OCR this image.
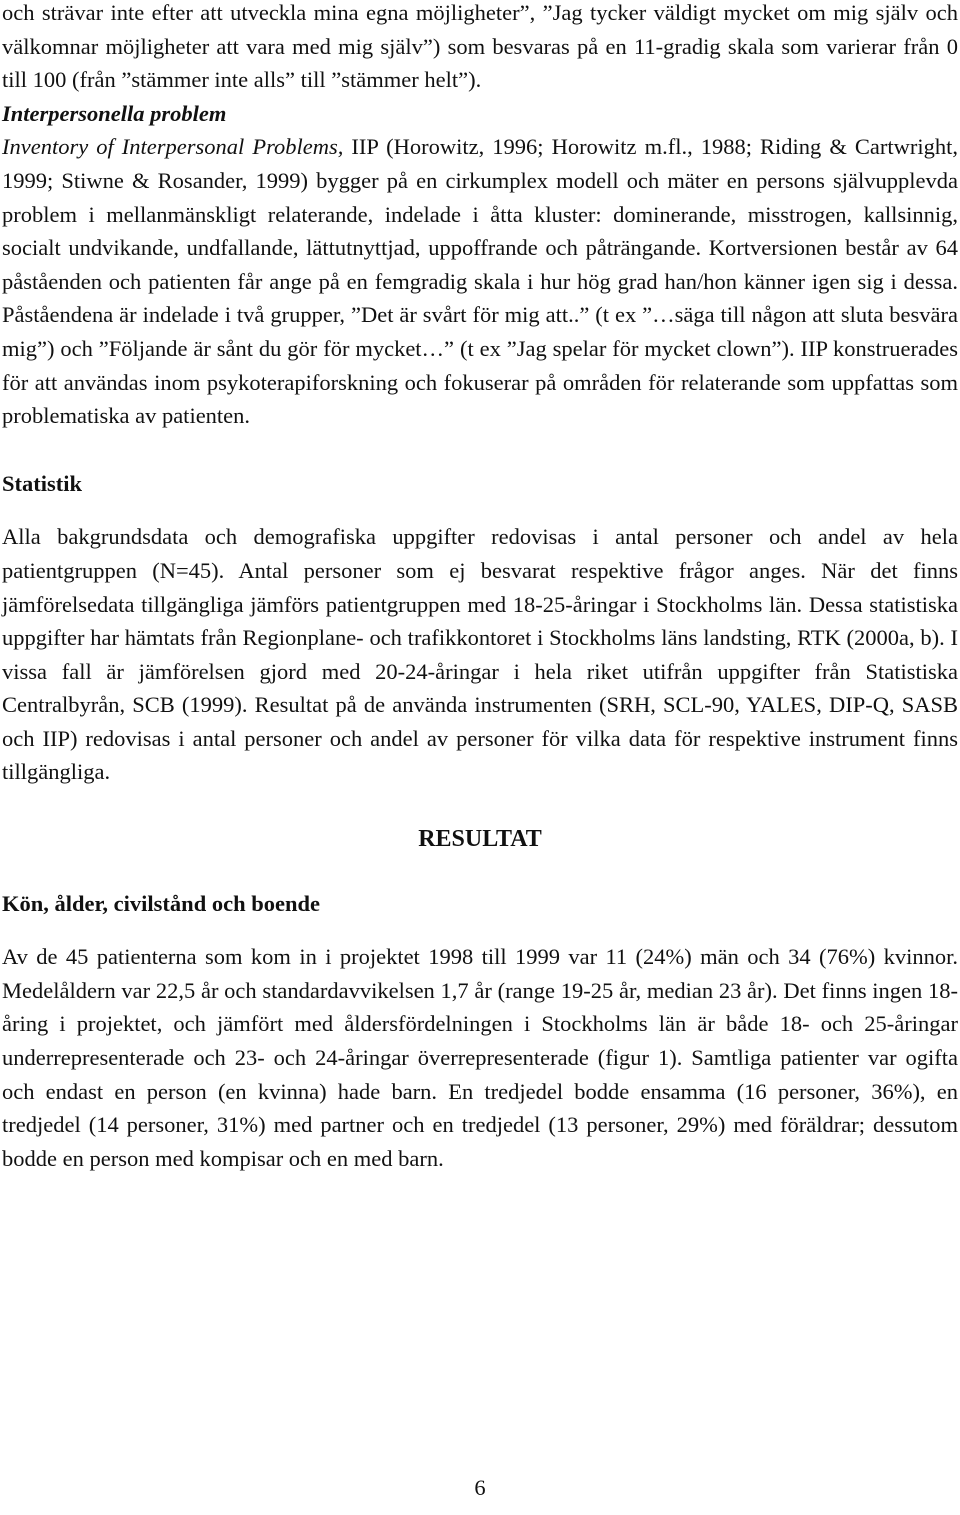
och strävar inte efter att utveckla mina egna möjligheter”, ”Jag tycker väldigt mycket om mig själv och välkomnar möjligheter att vara med mig själv”) som besvaras på en 11-gradig skala som varierar från 0 till 100 (från ”stämmer inte alls” till ”stämmer helt”).

Interpersonella problem

Inventory of Interpersonal Problems, IIP (Horowitz, 1996; Horowitz m.fl., 1988; Riding & Cartwright, 1999; Stiwne & Rosander, 1999) bygger på en cirkumplex modell och mäter en persons självupplevda problem i mellanmänskligt relaterande, indelade i åtta kluster: dominerande, misstrogen, kallsinnig, socialt undvikande, undfallande, lättutnyttjad, uppoffrande och påträngande. Kortversionen består av 64 påståenden och patienten får ange på en femgradig skala i hur hög grad han/hon känner igen sig i dessa. Påståendena är indelade i två grupper, ”Det är svårt för mig att..” (t ex ”…säga till någon att sluta besvära mig”) och ”Följande är sånt du gör för mycket…” (t ex ”Jag spelar för mycket clown”). IIP konstruerades för att användas inom psykoterapiforskning och fokuserar på områden för relaterande som uppfattas som problematiska av patienten.

Statistik

Alla bakgrundsdata och demografiska uppgifter redovisas i antal personer och andel av hela patientgruppen (N=45). Antal personer som ej besvarat respektive frågor anges. När det finns jämförelsedata tillgängliga jämförs patientgruppen med 18-25-åringar i Stockholms län. Dessa statistiska uppgifter har hämtats från Regionplane- och trafikkontoret i Stockholms läns landsting, RTK (2000a, b). I vissa fall är jämförelsen gjord med 20-24-åringar i hela riket utifrån uppgifter från Statistiska Centralbyrån, SCB (1999). Resultat på de använda instrumenten (SRH, SCL-90, YALES, DIP-Q, SASB och IIP) redovisas i antal personer och andel av personer för vilka data för respektive instrument finns tillgängliga.

RESULTAT
Kön, ålder, civilstånd och boende

Av de 45 patienterna som kom in i projektet 1998 till 1999 var 11 (24%) män och 34 (76%) kvinnor. Medelåldern var 22,5 år och standardavvikelsen 1,7 år (range 19-25 år, median 23 år). Det finns ingen 18-åring i projektet, och jämfört med åldersfördelningen i Stockholms län är både 18- och 25-åringar underrepresenterade och 23- och 24-åringar överrepresenterade (figur 1). Samtliga patienter var ogifta och endast en person (en kvinna) hade barn. En tredjedel bodde ensamma (16 personer, 36%), en tredjedel (14 personer, 31%) med partner och en tredjedel (13 personer, 29%) med föräldrar; dessutom bodde en person med kompisar och en med barn.

6
